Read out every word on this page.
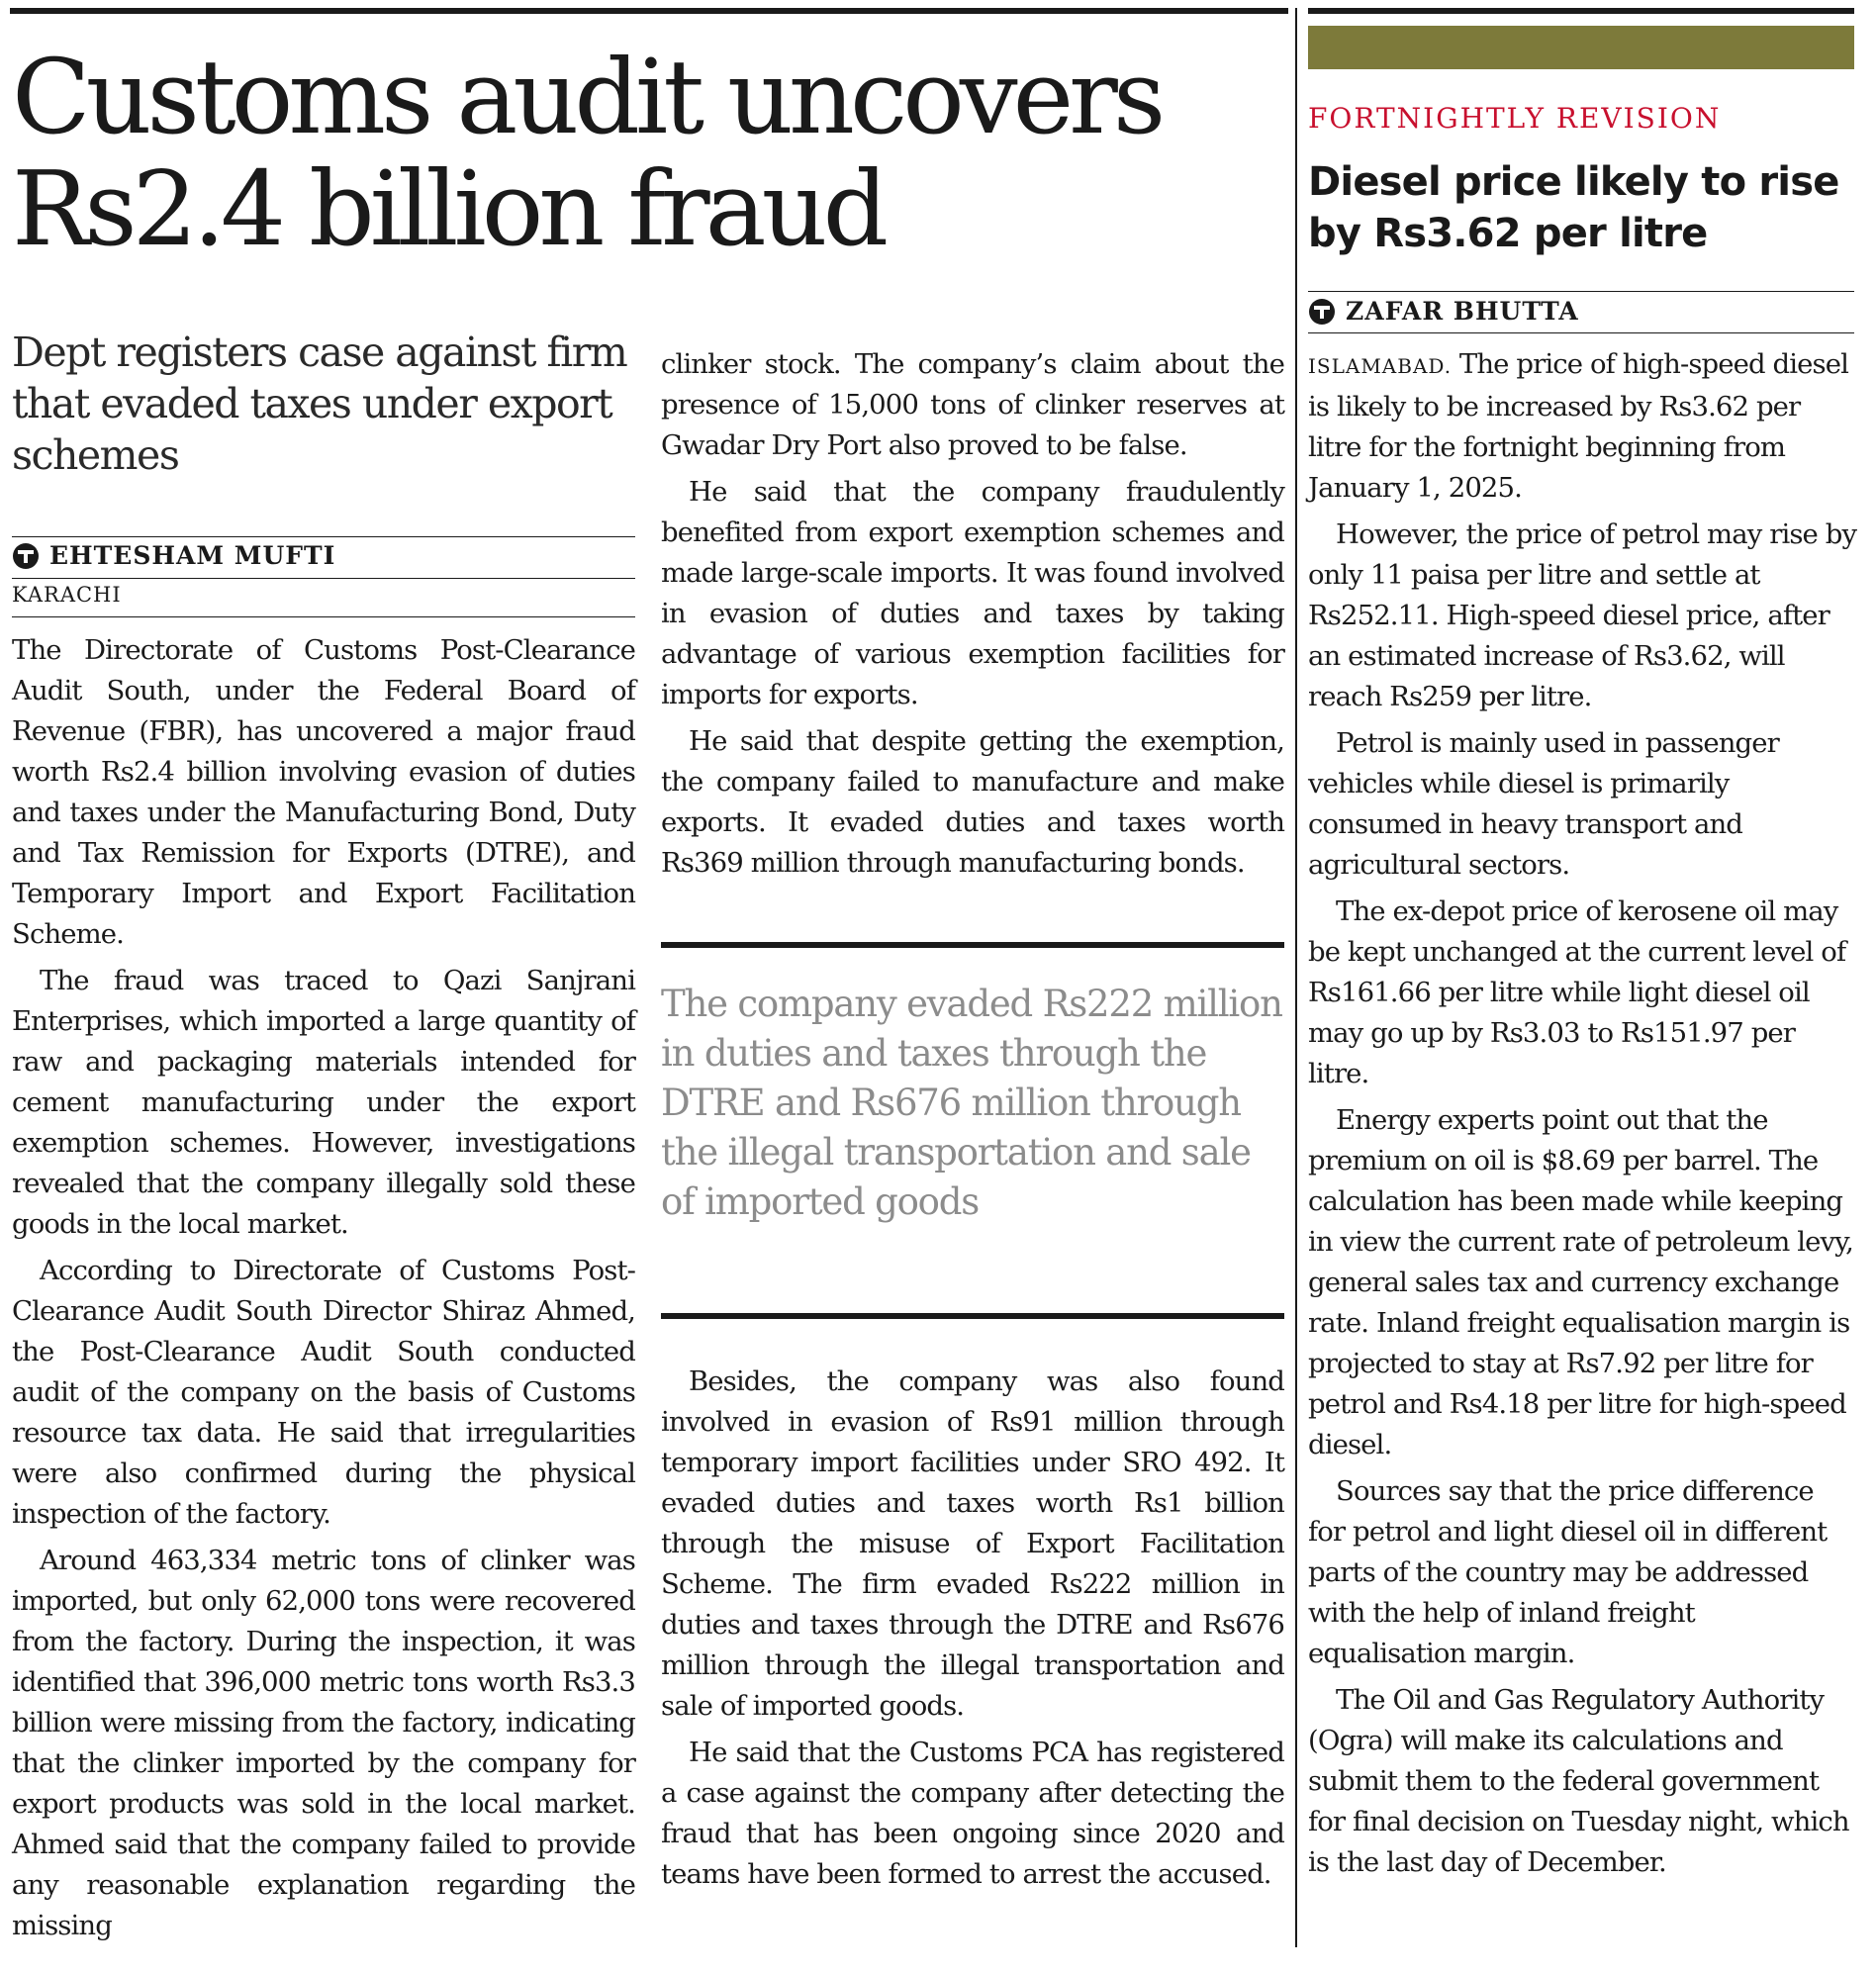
Customs audit uncovers Rs2.4 billion fraud
Dept registers case against firm that evaded taxes under export schemes
EHTESHAM MUFTI
KARACHI

The Directorate of Customs Post-Clearance Audit South, under the Federal Board of Revenue (FBR), has uncovered a major fraud worth Rs2.4 billion involving evasion of duties and taxes under the Manufacturing Bond, Duty and Tax Remission for Exports (DTRE), and Temporary Import and Export Facilitation Scheme.

The fraud was traced to Qazi Sanjrani Enterprises, which imported a large quantity of raw and packaging materials intended for cement manufacturing under the export exemption schemes. However, investigations revealed that the company illegally sold these goods in the local market.

According to Directorate of Customs Post-Clearance Audit South Director Shiraz Ahmed, the Post-Clearance Audit South conducted audit of the company on the basis of Customs resource tax data. He said that irregularities were also confirmed during the physical inspection of the factory.

Around 463,334 metric tons of clinker was imported, but only 62,000 tons were recovered from the factory. During the inspection, it was identified that 396,000 metric tons worth Rs3.3 billion were missing from the factory, indicating that the clinker imported by the company for export products was sold in the local market. Ahmed said that the company failed to provide any reasonable explanation regarding the missing

clinker stock. The company’s claim about the presence of 15,000 tons of clinker reserves at Gwadar Dry Port also proved to be false.

He said that the company fraudulently benefited from export exemption schemes and made large-scale imports. It was found involved in evasion of duties and taxes by taking advantage of various exemption facilities for imports for exports.

He said that despite getting the exemption, the company failed to manufacture and make exports. It evaded duties and taxes worth Rs369 million through manufacturing bonds.

The company evaded Rs222 million in duties and taxes through the DTRE and Rs676 million through the illegal transportation and sale of imported goods

Besides, the company was also found involved in evasion of Rs91 million through temporary import facilities under SRO 492. It evaded duties and taxes worth Rs1 billion through the misuse of Export Facilitation Scheme. The firm evaded Rs222 million in duties and taxes through the DTRE and Rs676 million through the illegal transportation and sale of imported goods.

He said that the Customs PCA has registered a case against the company after detecting the fraud that has been ongoing since 2020 and teams have been formed to arrest the accused.

FORTNIGHTLY REVISION
Diesel price likely to rise by Rs3.62 per litre
ZAFAR BHUTTA

ISLAMABAD. The price of high-speed diesel is likely to be increased by Rs3.62 per litre for the fortnight beginning from January 1, 2025.

However, the price of petrol may rise by only 11 paisa per litre and settle at Rs252.11. High-speed diesel price, after an estimated increase of Rs3.62, will reach Rs259 per litre.

Petrol is mainly used in passenger vehicles while diesel is primarily consumed in heavy transport and agricultural sectors.

The ex-depot price of kerosene oil may be kept unchanged at the current level of Rs161.66 per litre while light diesel oil may go up by Rs3.03 to Rs151.97 per litre.

Energy experts point out that the premium on oil is $8.69 per barrel. The calculation has been made while keeping in view the current rate of petroleum levy, general sales tax and currency exchange rate. Inland freight equalisation margin is projected to stay at Rs7.92 per litre for petrol and Rs4.18 per litre for high-speed diesel.

Sources say that the price difference for petrol and light diesel oil in different parts of the country may be addressed with the help of inland freight equalisation margin.

The Oil and Gas Regulatory Authority (Ogra) will make its calculations and submit them to the federal government for final decision on Tuesday night, which is the last day of December.
